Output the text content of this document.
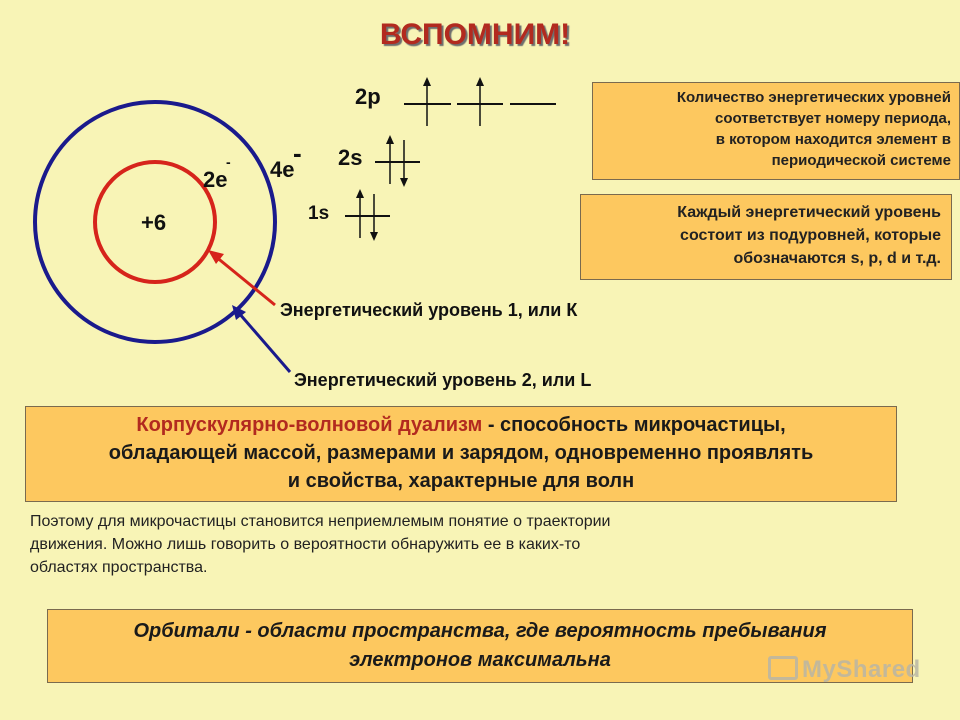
ВСПОМНИМ!
+6
2e
- 4e
-
2p
2s
1s
Энергетический уровень 1, или К
Энергетический уровень 2, или L
Количество энергетических уровней
соответствует номеру периода,
в котором находится элемент в
периодической системе
Каждый энергетический уровень
состоит из подуровней, которые
обозначаются s, p, d и т.д.
Корпускулярно-волновой дуализм - способность микрочастицы,
обладающей массой, размерами и зарядом, одновременно проявлять
и свойства, характерные для волн
Поэтому для микрочастицы становится неприемлемым понятие о траектории
движения. Можно лишь говорить о вероятности обнаружить ее в каких-то
областях пространства.
Орбитали - области пространства, где вероятность пребывания
электронов максимальна	MyShared
